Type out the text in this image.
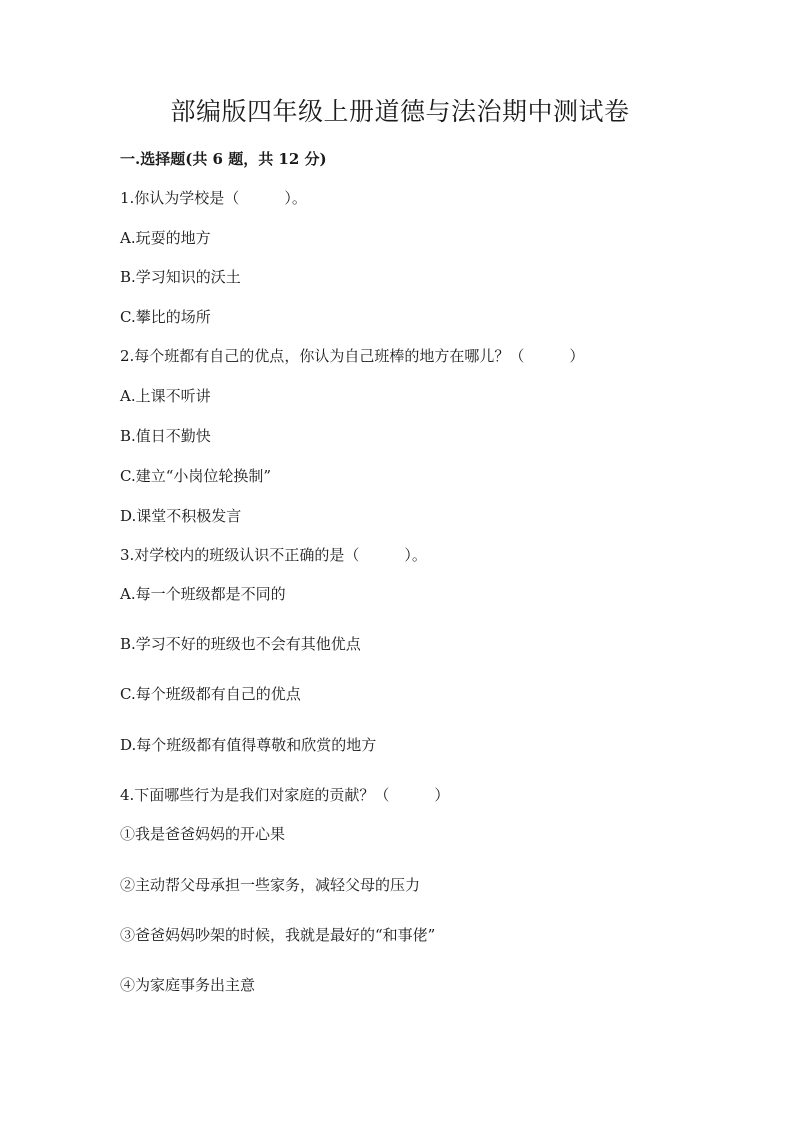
部编版四年级上册道德与法治期中测试卷
一.选择题(共 6 题，共 12 分)
1.你认为学校是（　　　）。
A.玩耍的地方
B.学习知识的沃土
C.攀比的场所
2.每个班都有自己的优点，你认为自己班棒的地方在哪儿？（　　　）
A.上课不听讲
B.值日不勤快
C.建立“小岗位轮换制”
D.课堂不积极发言
3.对学校内的班级认识不正确的是（　　　）。
A.每一个班级都是不同的
B.学习不好的班级也不会有其他优点
C.每个班级都有自己的优点
D.每个班级都有值得尊敬和欣赏的地方
4.下面哪些行为是我们对家庭的贡献？（　　　）
①我是爸爸妈妈的开心果
②主动帮父母承担一些家务，减轻父母的压力
③爸爸妈妈吵架的时候，我就是最好的“和事佬”
④为家庭事务出主意
